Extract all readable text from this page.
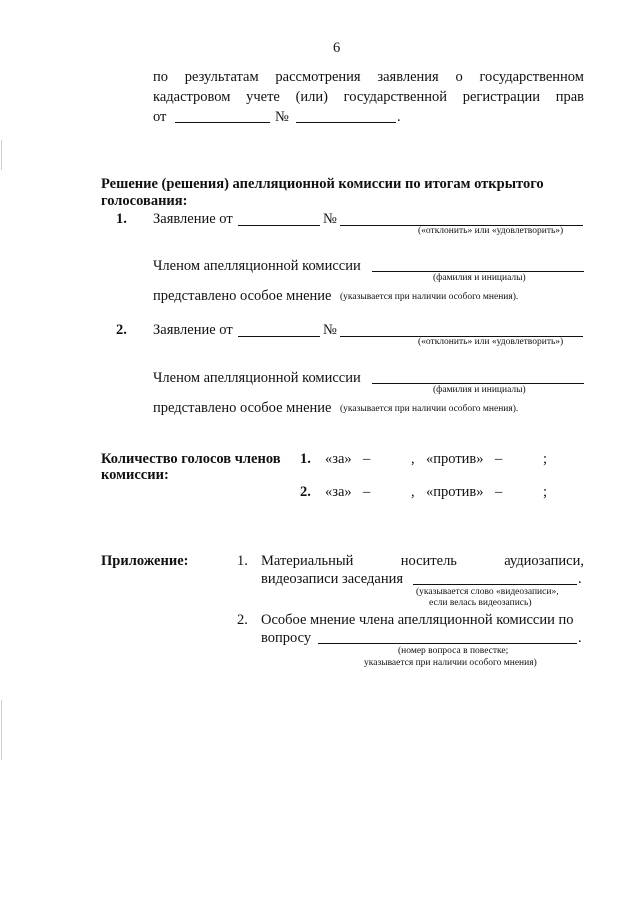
6
по результатам рассмотрения заявления о государственном
кадастровом учете (или) государственной регистрации прав
от	№	.
Решение (решения) апелляционной комиссии по итогам открытого
голосования:
1. Заявление от	№
(«отклонить» или «удовлетворить»)
Членом апелляционной комиссии
(фамилия и инициалы)
представлено особое мнение (указывается при наличии особого мнения).
2. Заявление от	№
(«отклонить» или «удовлетворить»)
Членом апелляционной комиссии
(фамилия и инициалы)
представлено особое мнение (указывается при наличии особого мнения).
Количество голосов членов
комиссии:
1. «за» –	, «против» –	;
2. «за» –	, «против» –	;
Приложение:	1. Материальный	носитель	аудиозаписи,
видеозаписи заседания	.
(указывается слово «видеозаписи»,
если велась видеозапись)
2. Особое мнение члена апелляционной комиссии по
вопросу	.
(номер вопроса в повестке;
указывается при наличии особого мнения)
